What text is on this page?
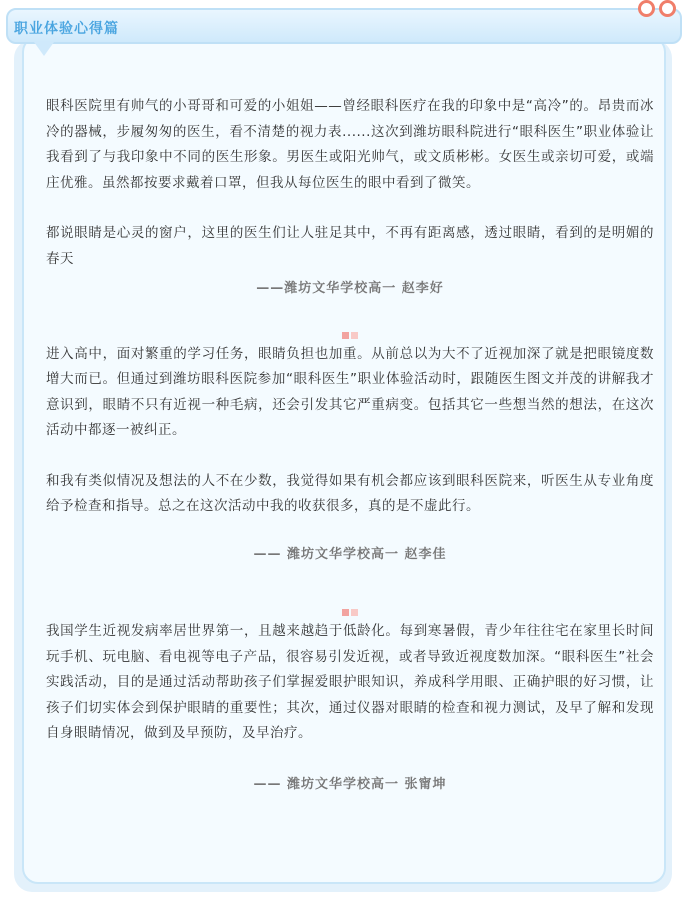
职业体验心得篇

眼科医院里有帅气的小哥哥和可爱的小姐姐——曾经眼科医疗在我的印象中是“高冷”的。昂贵而冰冷的器械，步履匆匆的医生，看不清楚的视力表......这次到潍坊眼科院进行“眼科医生”职业体验让我看到了与我印象中不同的医生形象。男医生或阳光帅气，或文质彬彬。女医生或亲切可爱，或端庄优雅。虽然都按要求戴着口罩，但我从每位医生的眼中看到了微笑。

都说眼睛是心灵的窗户，这里的医生们让人驻足其中，不再有距离感，透过眼睛，看到的是明媚的春天

——潍坊文华学校高一 赵李好

进入高中，面对繁重的学习任务，眼睛负担也加重。从前总以为大不了近视加深了就是把眼镜度数增大而已。但通过到潍坊眼科医院参加“眼科医生”职业体验活动时，跟随医生图文并茂的讲解我才意识到，眼睛不只有近视一种毛病，还会引发其它严重病变。包括其它一些想当然的想法，在这次活动中都逐一被纠正。

和我有类似情况及想法的人不在少数，我觉得如果有机会都应该到眼科医院来，听医生从专业角度给予检查和指导。总之在这次活动中我的收获很多，真的是不虚此行。

—— 潍坊文华学校高一 赵李佳

我国学生近视发病率居世界第一，且越来越趋于低龄化。每到寒暑假，青少年往往宅在家里长时间玩手机、玩电脑、看电视等电子产品，很容易引发近视，或者导致近视度数加深。“眼科医生”社会实践活动，目的是通过活动帮助孩子们掌握爱眼护眼知识，养成科学用眼、正确护眼的好习惯，让孩子们切实体会到保护眼睛的重要性；其次，通过仪器对眼睛的检查和视力测试，及早了解和发现自身眼睛情况，做到及早预防，及早治疗。

—— 潍坊文华学校高一 张甯坤
